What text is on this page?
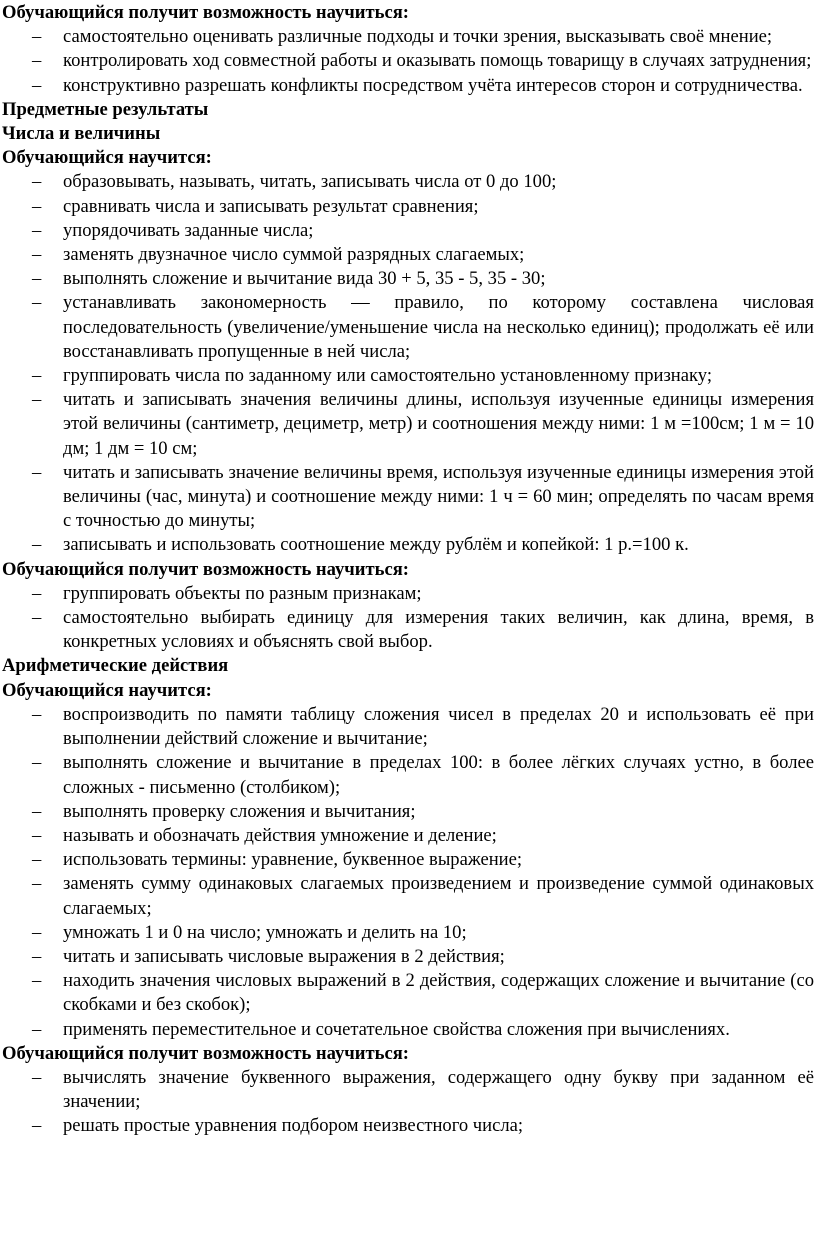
Обучающийся получит возможность научиться:
– самостоятельно оценивать различные подходы и точки зрения, высказывать своё мнение;
– контролировать ход совместной работы и оказывать помощь товарищу в случаях затруднения;
– конструктивно разрешать конфликты посредством учёта интересов сторон и сотрудничества.
Предметные результаты
Числа и величины
Обучающийся научится:
– образовывать, называть, читать, записывать числа от 0 до 100;
– сравнивать числа и записывать результат сравнения;
– упорядочивать заданные числа;
– заменять двузначное число суммой разрядных слагаемых;
– выполнять сложение и вычитание вида 30 + 5, 35 - 5, 35 - 30;
– устанавливать закономерность — правило, по которому составлена числовая последовательность (увеличение/уменьшение числа на несколько единиц); продолжать её или восстанавливать пропущенные в ней числа;
– группировать числа по заданному или самостоятельно установленному признаку;
– читать и записывать значения величины длины, используя изученные единицы измерения этой величины (сантиметр, дециметр, метр) и соотношения между ними: 1 м =100см; 1 м = 10 дм; 1 дм = 10 см;
– читать и записывать значение величины время, используя изученные единицы измерения этой величины (час, минута) и соотношение между ними: 1 ч = 60 мин; определять по часам время с точностью до минуты;
– записывать и использовать соотношение между рублём и копейкой: 1 р.=100 к.
Обучающийся получит возможность научиться:
– группировать объекты по разным признакам;
– самостоятельно выбирать единицу для измерения таких величин, как длина, время, в конкретных условиях и объяснять свой выбор.
Арифметические действия
Обучающийся научится:
– воспроизводить по памяти таблицу сложения чисел в пределах 20 и использовать её при выполнении действий сложение и вычитание;
– выполнять сложение и вычитание в пределах 100: в более лёгких случаях устно, в более сложных - письменно (столбиком);
– выполнять проверку сложения и вычитания;
– называть и обозначать действия умножение и деление;
– использовать термины: уравнение, буквенное выражение;
– заменять сумму одинаковых слагаемых произведением и произведение суммой одинаковых слагаемых;
– умножать 1 и 0 на число; умножать и делить на 10;
– читать и записывать числовые выражения в 2 действия;
– находить значения числовых выражений в 2 действия, содержащих сложение и вычитание (со скобками и без скобок);
– применять переместительное и сочетательное свойства сложения при вычислениях.
Обучающийся получит возможность научиться:
– вычислять значение буквенного выражения, содержащего одну букву при заданном её значении;
– решать простые уравнения подбором неизвестного числа;
